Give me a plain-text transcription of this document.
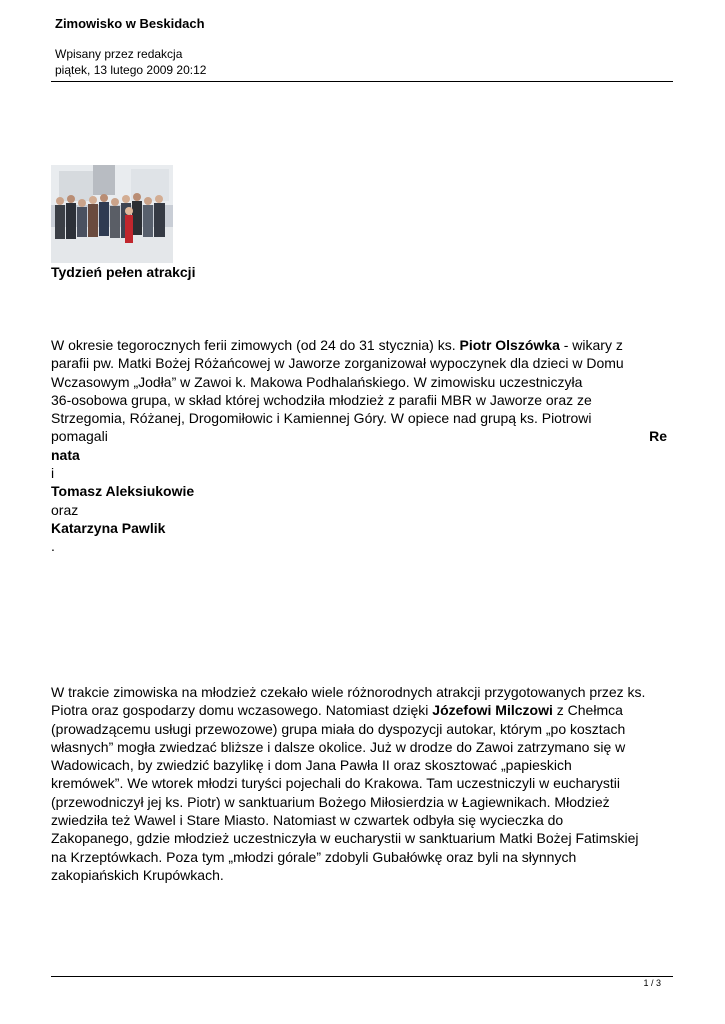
Zimowisko w Beskidach
Wpisany przez redakcja
piątek, 13 lutego 2009 20:12
Tydzień pełen atrakcji
W okresie tegorocznych ferii zimowych (od 24 do 31 stycznia) ks. Piotr Olszówka - wikary z
parafii pw. Matki Bożej Różańcowej w Jaworze zorganizował wypoczynek dla dzieci w Domu
Wczasowym „Jodła” w Zawoi k. Makowa Podhalańskiego. W zimowisku uczestniczyła
36-osobowa grupa, w skład której wchodziła młodzież z parafii MBR w Jaworze oraz ze
Strzegomia, Różanej, Drogomiłowic i Kamiennej Góry. W opiece nad grupą ks. Piotrowi
pomagali	Re
nata
i
Tomasz Aleksiukowie
oraz
Katarzyna Pawlik
.
W trakcie zimowiska na młodzież czekało wiele różnorodnych atrakcji przygotowanych przez ks.
Piotra oraz gospodarzy domu wczasowego. Natomiast dzięki Józefowi Milczowi z Chełmca
(prowadzącemu usługi przewozowe) grupa miała do dyspozycji autokar, którym „po kosztach
własnych” mogła zwiedzać bliższe i dalsze okolice. Już w drodze do Zawoi zatrzymano się w
Wadowicach, by zwiedzić bazylikę i dom Jana Pawła II oraz skosztować „papieskich
kremówek”. We wtorek młodzi turyści pojechali do Krakowa. Tam uczestniczyli w eucharystii
(przewodniczył jej ks. Piotr) w sanktuarium Bożego Miłosierdzia w Łagiewnikach. Młodzież
zwiedziła też Wawel i Stare Miasto. Natomiast w czwartek odbyła się wycieczka do
Zakopanego, gdzie młodzież uczestniczyła w eucharystii w sanktuarium Matki Bożej Fatimskiej
na Krzeptówkach. Poza tym „młodzi górale” zdobyli Gubałówkę oraz byli na słynnych
zakopiańskich Krupówkach.
1 / 3
